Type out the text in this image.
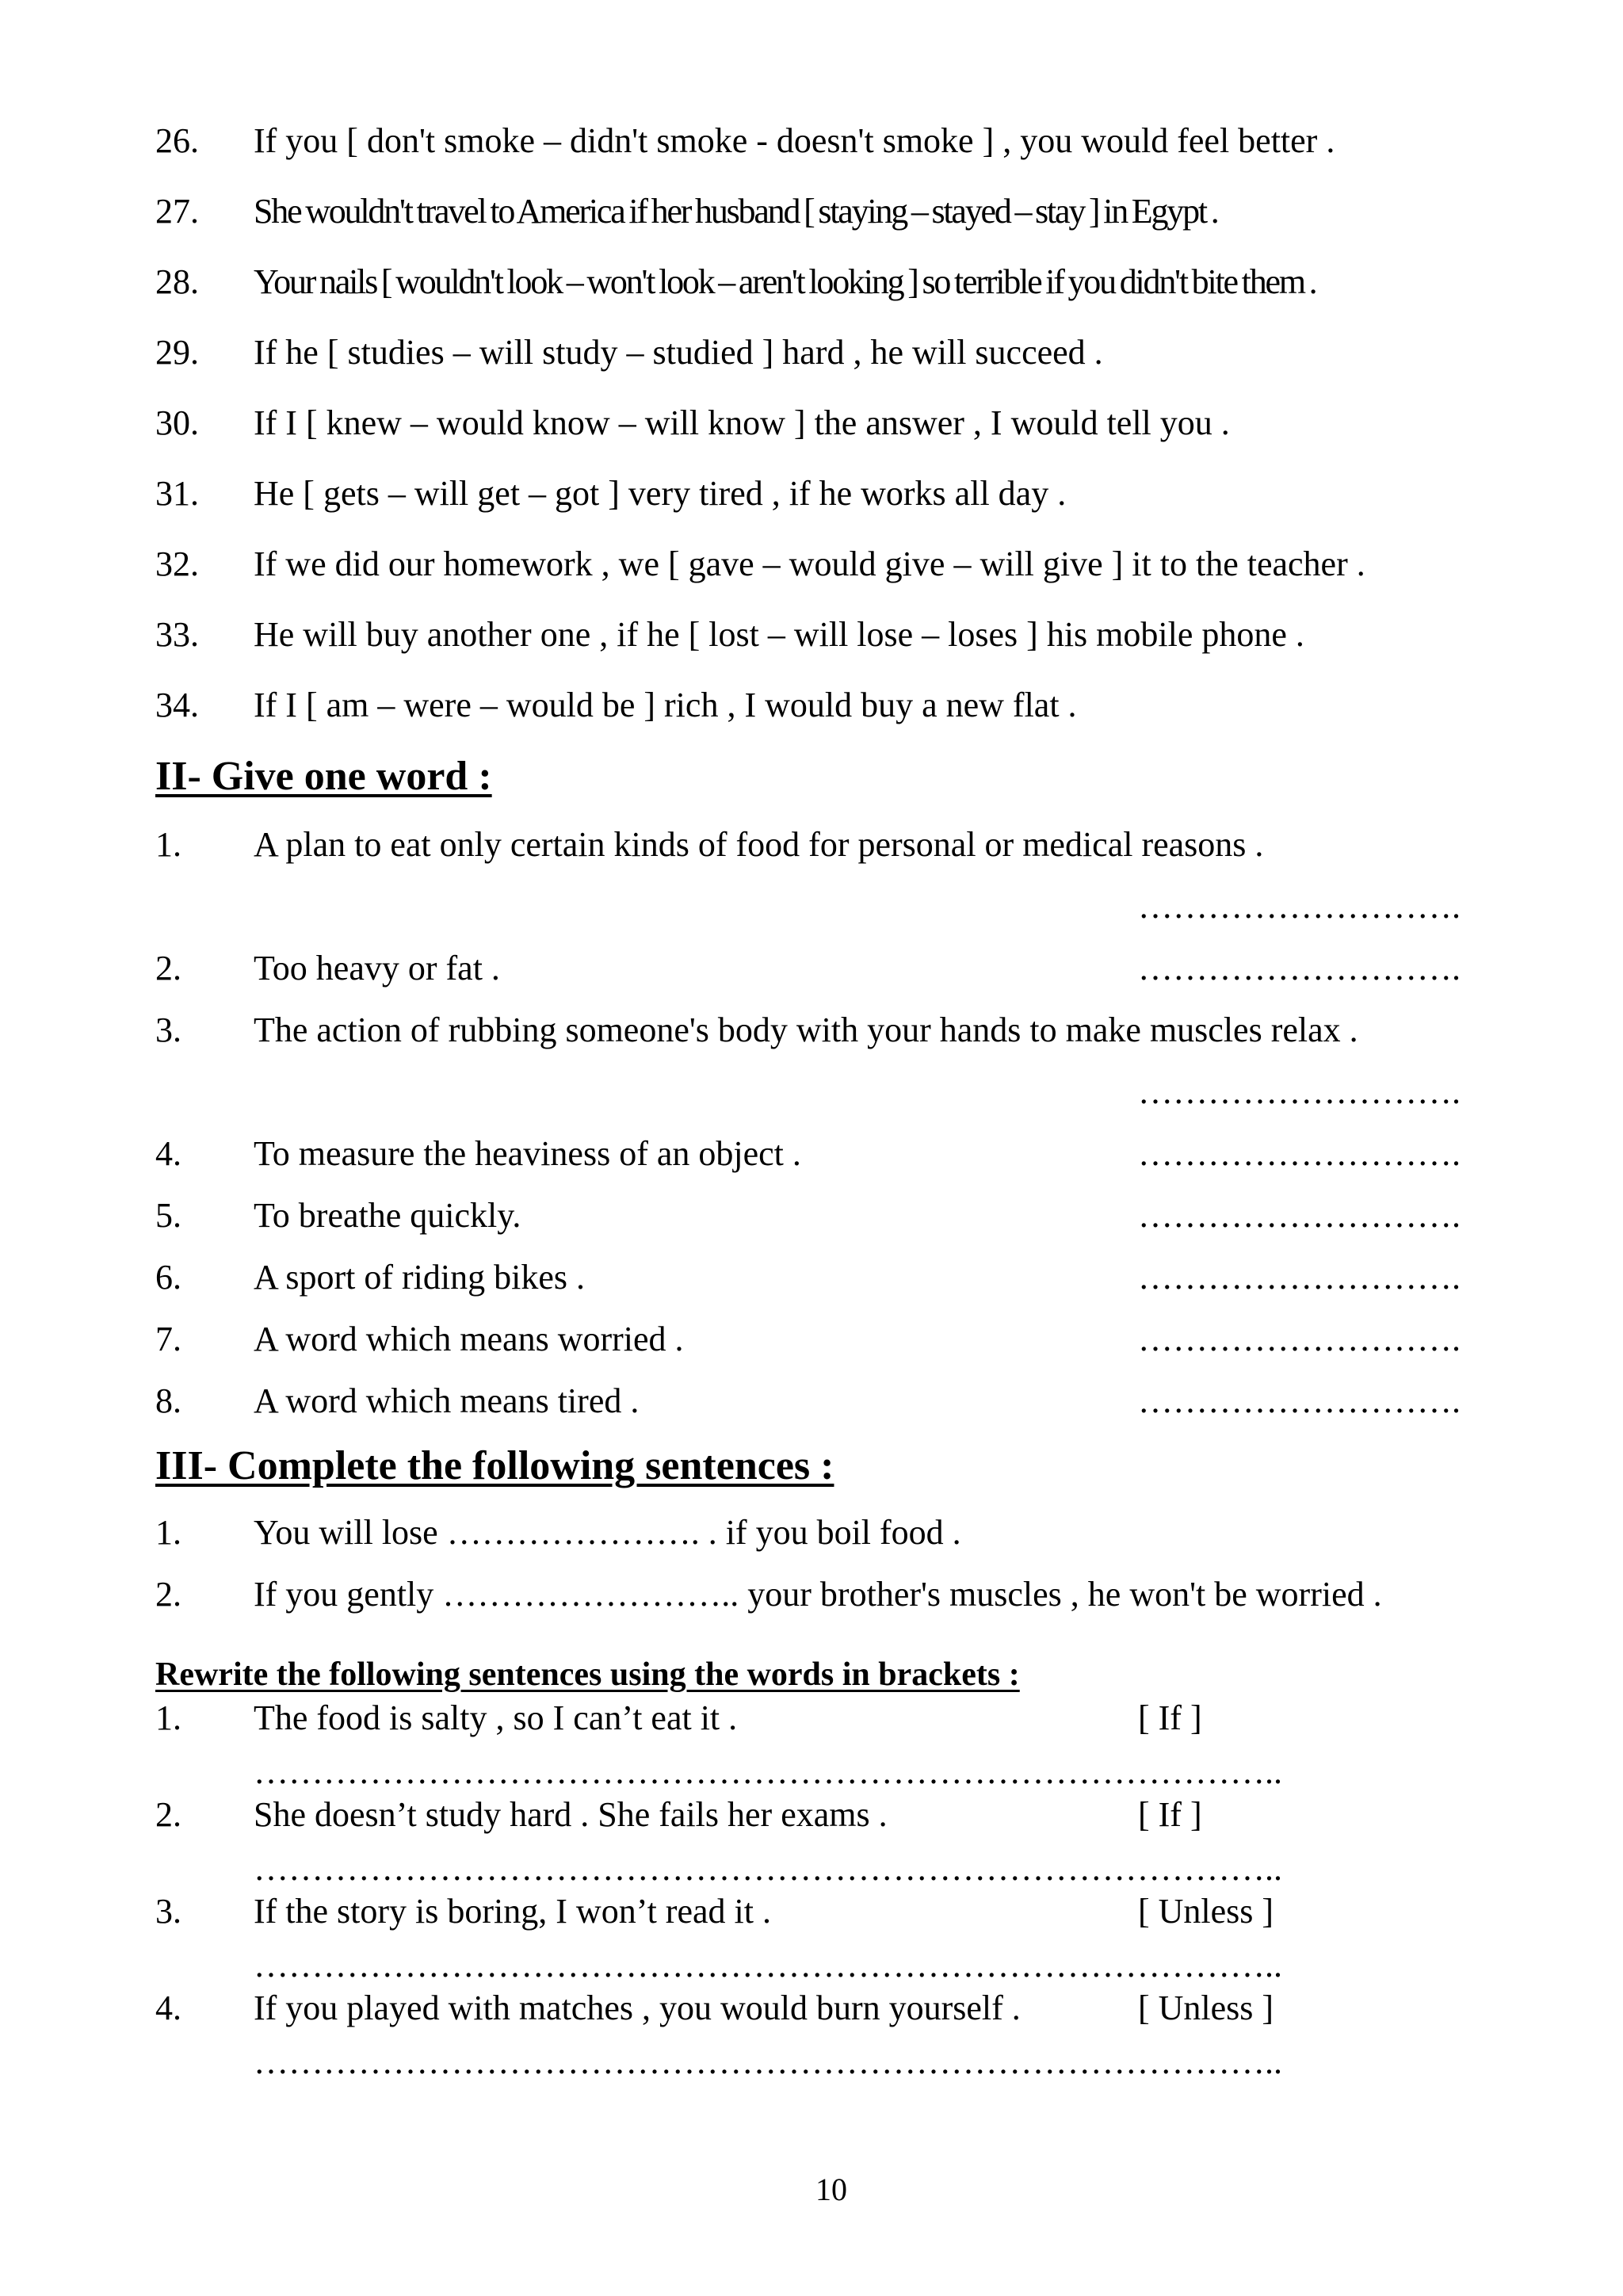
26. If you [ don't smoke – didn't smoke - doesn't smoke ] , you would feel better .
27. She wouldn't travel to America if her husband [ staying – stayed – stay ] in Egypt .
28. Your nails [ wouldn't look – won't look – aren't looking ] so terrible if you didn't bite them .
29. If he [ studies – will study – studied ] hard , he will succeed .
30. If I [ knew – would know – will know ] the answer , I would tell you .
31. He [ gets – will get – got ] very tired , if he works all day .
32. If we did our homework , we [ gave – would give – will give ] it to the teacher .
33. He will buy another one , if he [ lost – will lose – loses ] his mobile phone .
34. If I [ am – were – would be ] rich , I would buy a new flat .
II- Give one word :
1. A plan to eat only certain kinds of food for personal or medical reasons .
……………………….
2. Too heavy or fat .	……………………….
3. The action of rubbing someone's body with your hands to make muscles relax .
……………………….
4. To measure the heaviness of an object .	……………………….
5. To breathe quickly.	……………………….
6. A sport of riding bikes .	……………………….
7. A word which means worried .	……………………….
8. A word which means tired .	……………………….
III- Complete the following sentences :
1. You will lose …………………. . if you boil food .
2. If you gently …………………….. your brother's muscles , he won't be worried .
Rewrite the following sentences using the words in brackets :
1. The food is salty , so I can’t eat it .	[ If ]
……………………………………………………………………………..
2. She doesn’t study hard . She fails her exams .	[ If ]
……………………………………………………………………………..
3. If the story is boring, I won’t read it .	[ Unless ]
……………………………………………………………………………..
4. If you played with matches , you would burn yourself .	[ Unless ]
……………………………………………………………………………..
10
